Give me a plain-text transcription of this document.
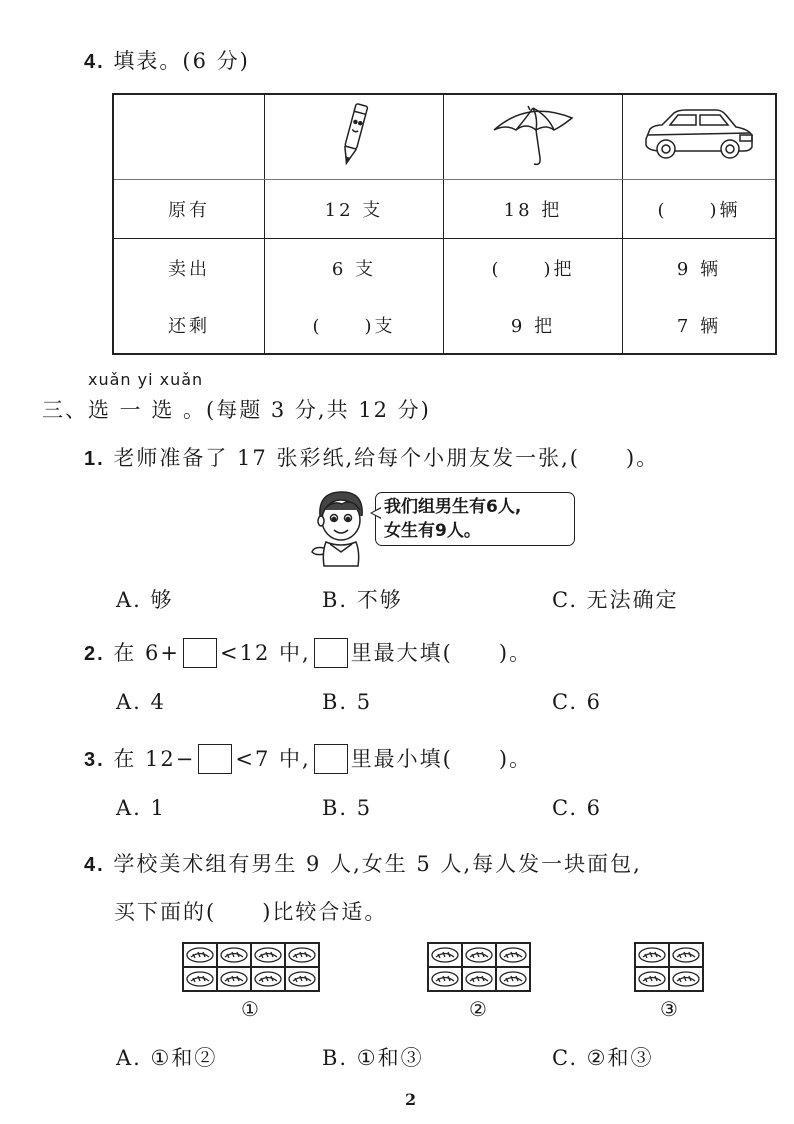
4. 填表。(6 分)

原有	12 支	18 把	(　　)辆
卖出	6 支	(　　)把	9 辆
还剩	(　　)支	9 把	7 辆
xuǎn yi xuǎn
三、选 一 选 。(每题 3 分,共 12 分)
1. 老师准备了 17 张彩纸,给每个小朋友发一张,(　　)。
我们组男生有6人,
女生有9人。
A. 够	B. 不够	C. 无法确定
2. 在 6+ <12 中, 里最大填(　　)。
A. 4	B. 5	C. 6
3. 在 12− <7 中, 里最小填(　　)。
A. 1	B. 5	C. 6
4. 学校美术组有男生 9 人,女生 5 人,每人发一块面包,
买下面的(　　)比较合适。
①	②	③
A. ①和②	B. ①和③	C. ②和③
2
